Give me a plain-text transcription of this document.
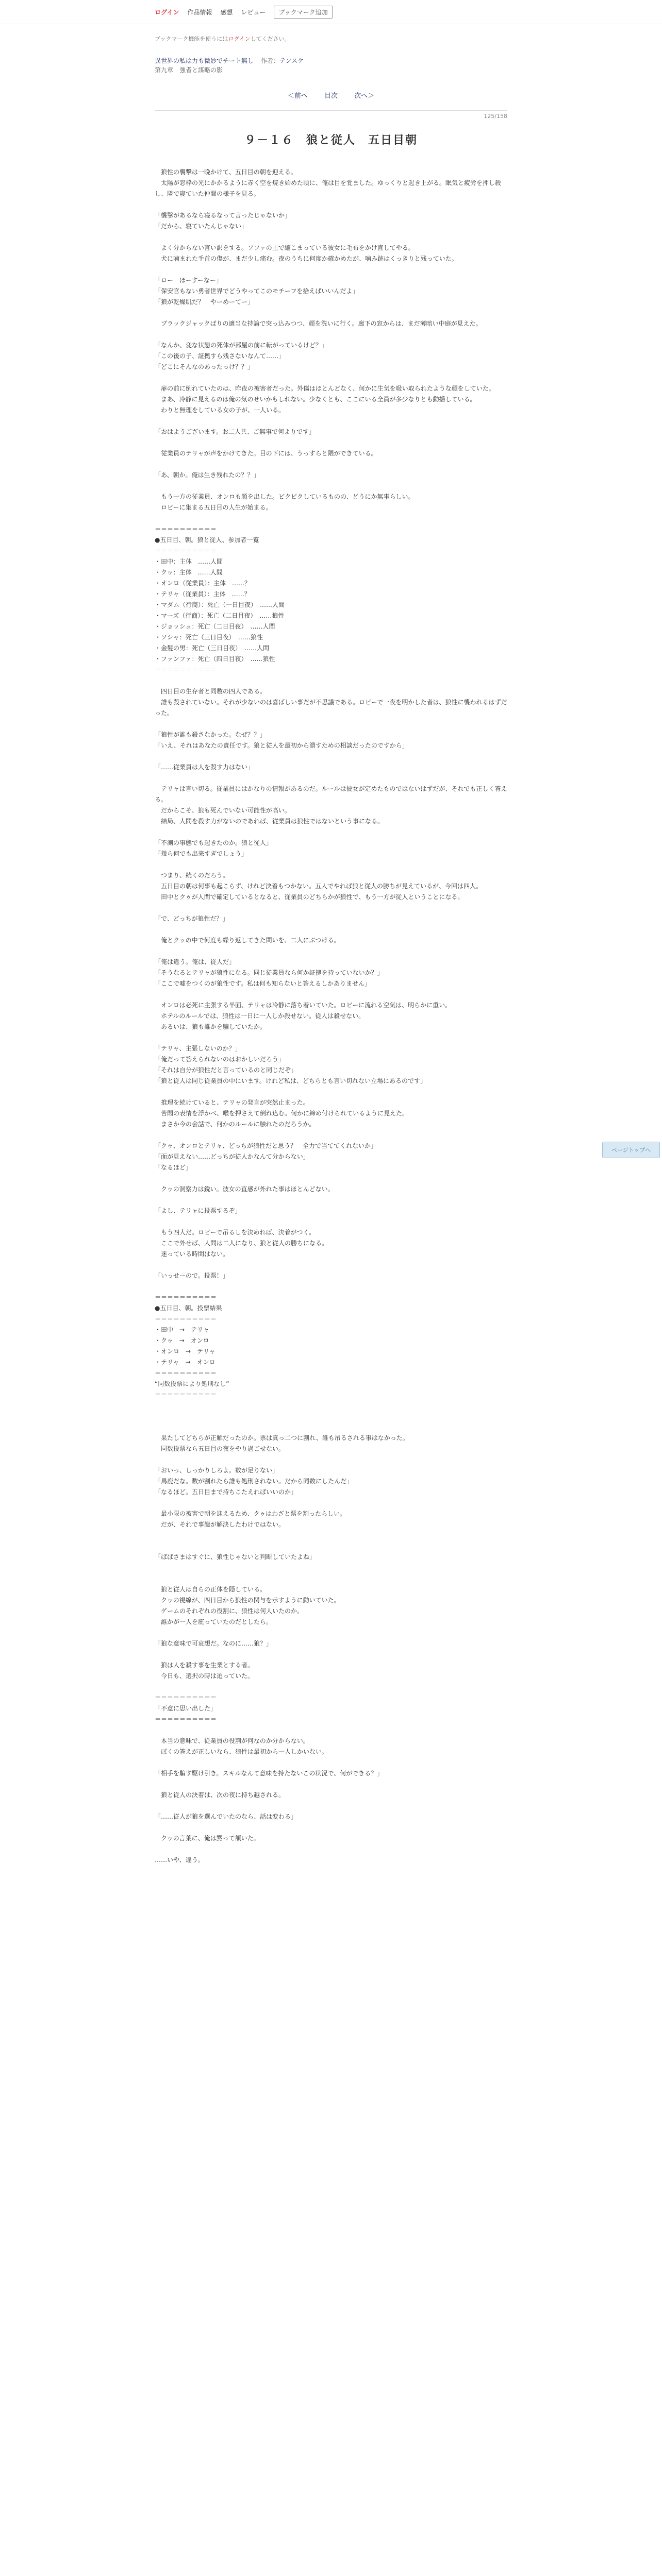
ログイン 作品情報 感想 レビュー	ブックマーク追加
ブックマーク機能を使うにはログインしてください。
異世界の私は力も微妙でチート無し 作者：テンスケ
第九章　強者と謀略の影
＜前へ 目次 次へ＞
125/158
９－１６　狼と従人　五日目朝

　狼性の襲撃は一晩かけて、五日目の朝を迎える。

　太陽が窓枠の光にかかるように赤く空を焼き始めた頃に、俺は目を覚ました。ゆっくりと起き上がる。眠気と疲労を押し殺し、隣で寝ていた仲間の様子を見る。

「襲撃があるなら寝るなって言ったじゃないか」

「だから、寝ていたんじゃない」

　よく分からない言い訳をする。ソファの上で縮こまっている彼女に毛布をかけ直してやる。

　犬に噛まれた手首の傷が、まだ少し痛む。夜のうちに何度か確かめたが、噛み跡はくっきりと残っていた。

「ロー　ほーすーなー」

「保安官もない勇者世界でどうやってこのモチーフを拾えばいいんだよ」

「狼が乾燥肌だ？　やーめーてー」

　ブラックジャックばりの適当な持論で突っ込みつつ、顔を洗いに行く。廊下の窓からは、まだ薄暗い中庭が見えた。

「なんか、変な状態の死体が部屋の前に転がっているけど？」

「この後の子、証拠すら残さないなんて……」

「どこにそんなのあったっけ？？」

　扉の前に倒れていたのは、昨夜の被害者だった。外傷はほとんどなく、何かに生気を吸い取られたような顔をしていた。

　まあ、冷静に見えるのは俺の気のせいかもしれない。少なくとも、ここにいる全員が多少なりとも動揺している。

　わりと無理をしている女の子が、一人いる。

「おはようございます。お二人共、ご無事で何よりです」

　従業員のテリャが声をかけてきた。目の下には、うっすらと隈ができている。

「あ、朝か。俺は生き残れたの？？」

　もう一方の従業員、オンロも顔を出した。ピクピクしているものの、どうにか無事らしい。

　ロビーに集まる五日目の人生が始まる。

＝＝＝＝＝＝＝＝＝＝

●五日目、朝。狼と従人、参加者一覧

＝＝＝＝＝＝＝＝＝＝

・田中：主体　……人間

・クゥ：主体　……人間

・オンロ（従業員）：主体　……？

・テリャ（従業員）：主体　……？

・マダム（行商）：死亡（一日目夜）　……人間

・マーズ（行商）：死亡（二日目夜）　……狼性

・ジョッシュ：死亡（二日目夜）　……人間

・ソシャ：死亡（三日目夜）　……狼性

・金髪の男：死亡（三日目夜）　……人間

・ファンファ：死亡（四日目夜）　……狼性

＝＝＝＝＝＝＝＝＝＝

　四日目の生存者と同数の四人である。

　誰も殺されていない。それが少ないのは喜ばしい事だが不思議である。ロビーで一夜を明かした者は、狼性に襲われるはずだった。

「狼性が誰も殺さなかった。なぜ？？」

「いえ、それはあなたの責任です。狼と従人を最初から潰すための相談だったのですから」

「……従業員は人を殺す力はない」

　テリャは言い切る。従業員にはかなりの情報があるのだ。ルールは彼女が定めたものではないはずだが、それでも正しく答える。

　だからこそ、狼も死んでいない可能性が高い。

　結局、人間を殺す力がないのであれば、従業員は狼性ではないという事になる。

「不測の事態でも起きたのか。狼と従人」

「幾ら何でも出来すぎでしょう」

　つまり、続くのだろう。

　五日目の朝は何事も起こらず、けれど決着もつかない。五人でやれば狼と従人の勝ちが見えているが、今回は四人。

　田中とクゥが人間で確定しているとなると、従業員のどちらかが狼性で、もう一方が従人ということになる。

「で、どっちが狼性だ？」

　俺とクゥの中で何度も繰り返してきた問いを、二人にぶつける。

「俺は違う。俺は、従人だ」

「そうなるとテリャが狼性になる。同じ従業員なら何か証拠を持っていないか？」

「ここで嘘をつくのが狼性です。私は何も知らないと答えるしかありません」

　オンロは必死に主張する半面、テリャは冷静に落ち着いていた。ロビーに流れる空気は、明らかに重い。

　ホテルのルールでは、狼性は一日に一人しか殺せない。従人は殺せない。

　あるいは、狼も誰かを騙していたか。

「テリャ、主張しないのか？」

「俺だって答えられないのはおかしいだろう」

「それは自分が狼性だと言っているのと同じだぞ」

「狼と従人は同じ従業員の中にいます。けれど私は、どちらとも言い切れない立場にあるのです」

　推理を続けていると、テリャの発言が突然止まった。

　苦悶の表情を浮かべ、喉を押さえて倒れ込む。何かに締め付けられているように見えた。

　まさか今の会話で、何かのルールに触れたのだろうか。

「クゥ、オンロとテリャ、どっちが狼性だと思う？　全力で当ててくれないか」

「面が見えない……どっちが従人かなんて分からない」

「なるほど」

　クゥの洞察力は鋭い。彼女の直感が外れた事はほとんどない。

「よし、テリャに投票するぞ」

　もう四人だ。ロビーで吊るしを決めれば、決着がつく。

　ここで外せば、人間は二人になり、狼と従人の勝ちになる。

　迷っている時間はない。

「いっせーので。投票！」

＝＝＝＝＝＝＝＝＝＝

●五日目、朝。投票結果

＝＝＝＝＝＝＝＝＝＝

・田中　→　テリャ

・クゥ　→　オンロ

・オンロ　→　テリャ

・テリャ　→　オンロ

＝＝＝＝＝＝＝＝＝＝

“同数投票により処刑なし”

＝＝＝＝＝＝＝＝＝＝

　果たしてどちらが正解だったのか。票は真っ二つに割れ、誰も吊るされる事はなかった。

　同数投票なら五日目の夜をやり過ごせない。

「おいっ、しっかりしろよ。数が足りない」

「馬鹿だな。数が割れたら誰も処刑されない。だから同数にしたんだ」

「なるほど。五日目まで持ちこたえればいいのか」

　最小限の被害で朝を迎えるため、クゥはわざと票を割ったらしい。

　だが、それで事態が解決したわけではない。

「ばばさまはすぐに、狼性じゃないと判断していたよね」

　狼と従人は自らの正体を隠している。

　クゥの視線が、四日目から狼性の関与を示すように動いていた。

　ゲームのそれぞれの役割に、狼性は何人いたのか。

　誰かが一人を庇っていたのだとしたら。

「狼な意味で可哀想だ。なのに……狼？」

　狼は人を殺す事を生業とする者。

　今日も、選択の時は迫っていた。

＝＝＝＝＝＝＝＝＝＝

「不意に思い出した」

＝＝＝＝＝＝＝＝＝＝

　本当の意味で、従業員の役割が何なのか分からない。

　ぼくの答えが正しいなら、狼性は最初から一人しかいない。

「相手を騙す駆け引き。スキルなんて意味を持たないこの状況で、何ができる？」

　狼と従人の決着は、次の夜に持ち越される。

「……従人が狼を選んでいたのなら、話は変わる」

　クゥの言葉に、俺は黙って頷いた。

……いや、違う。

ページトップへ
